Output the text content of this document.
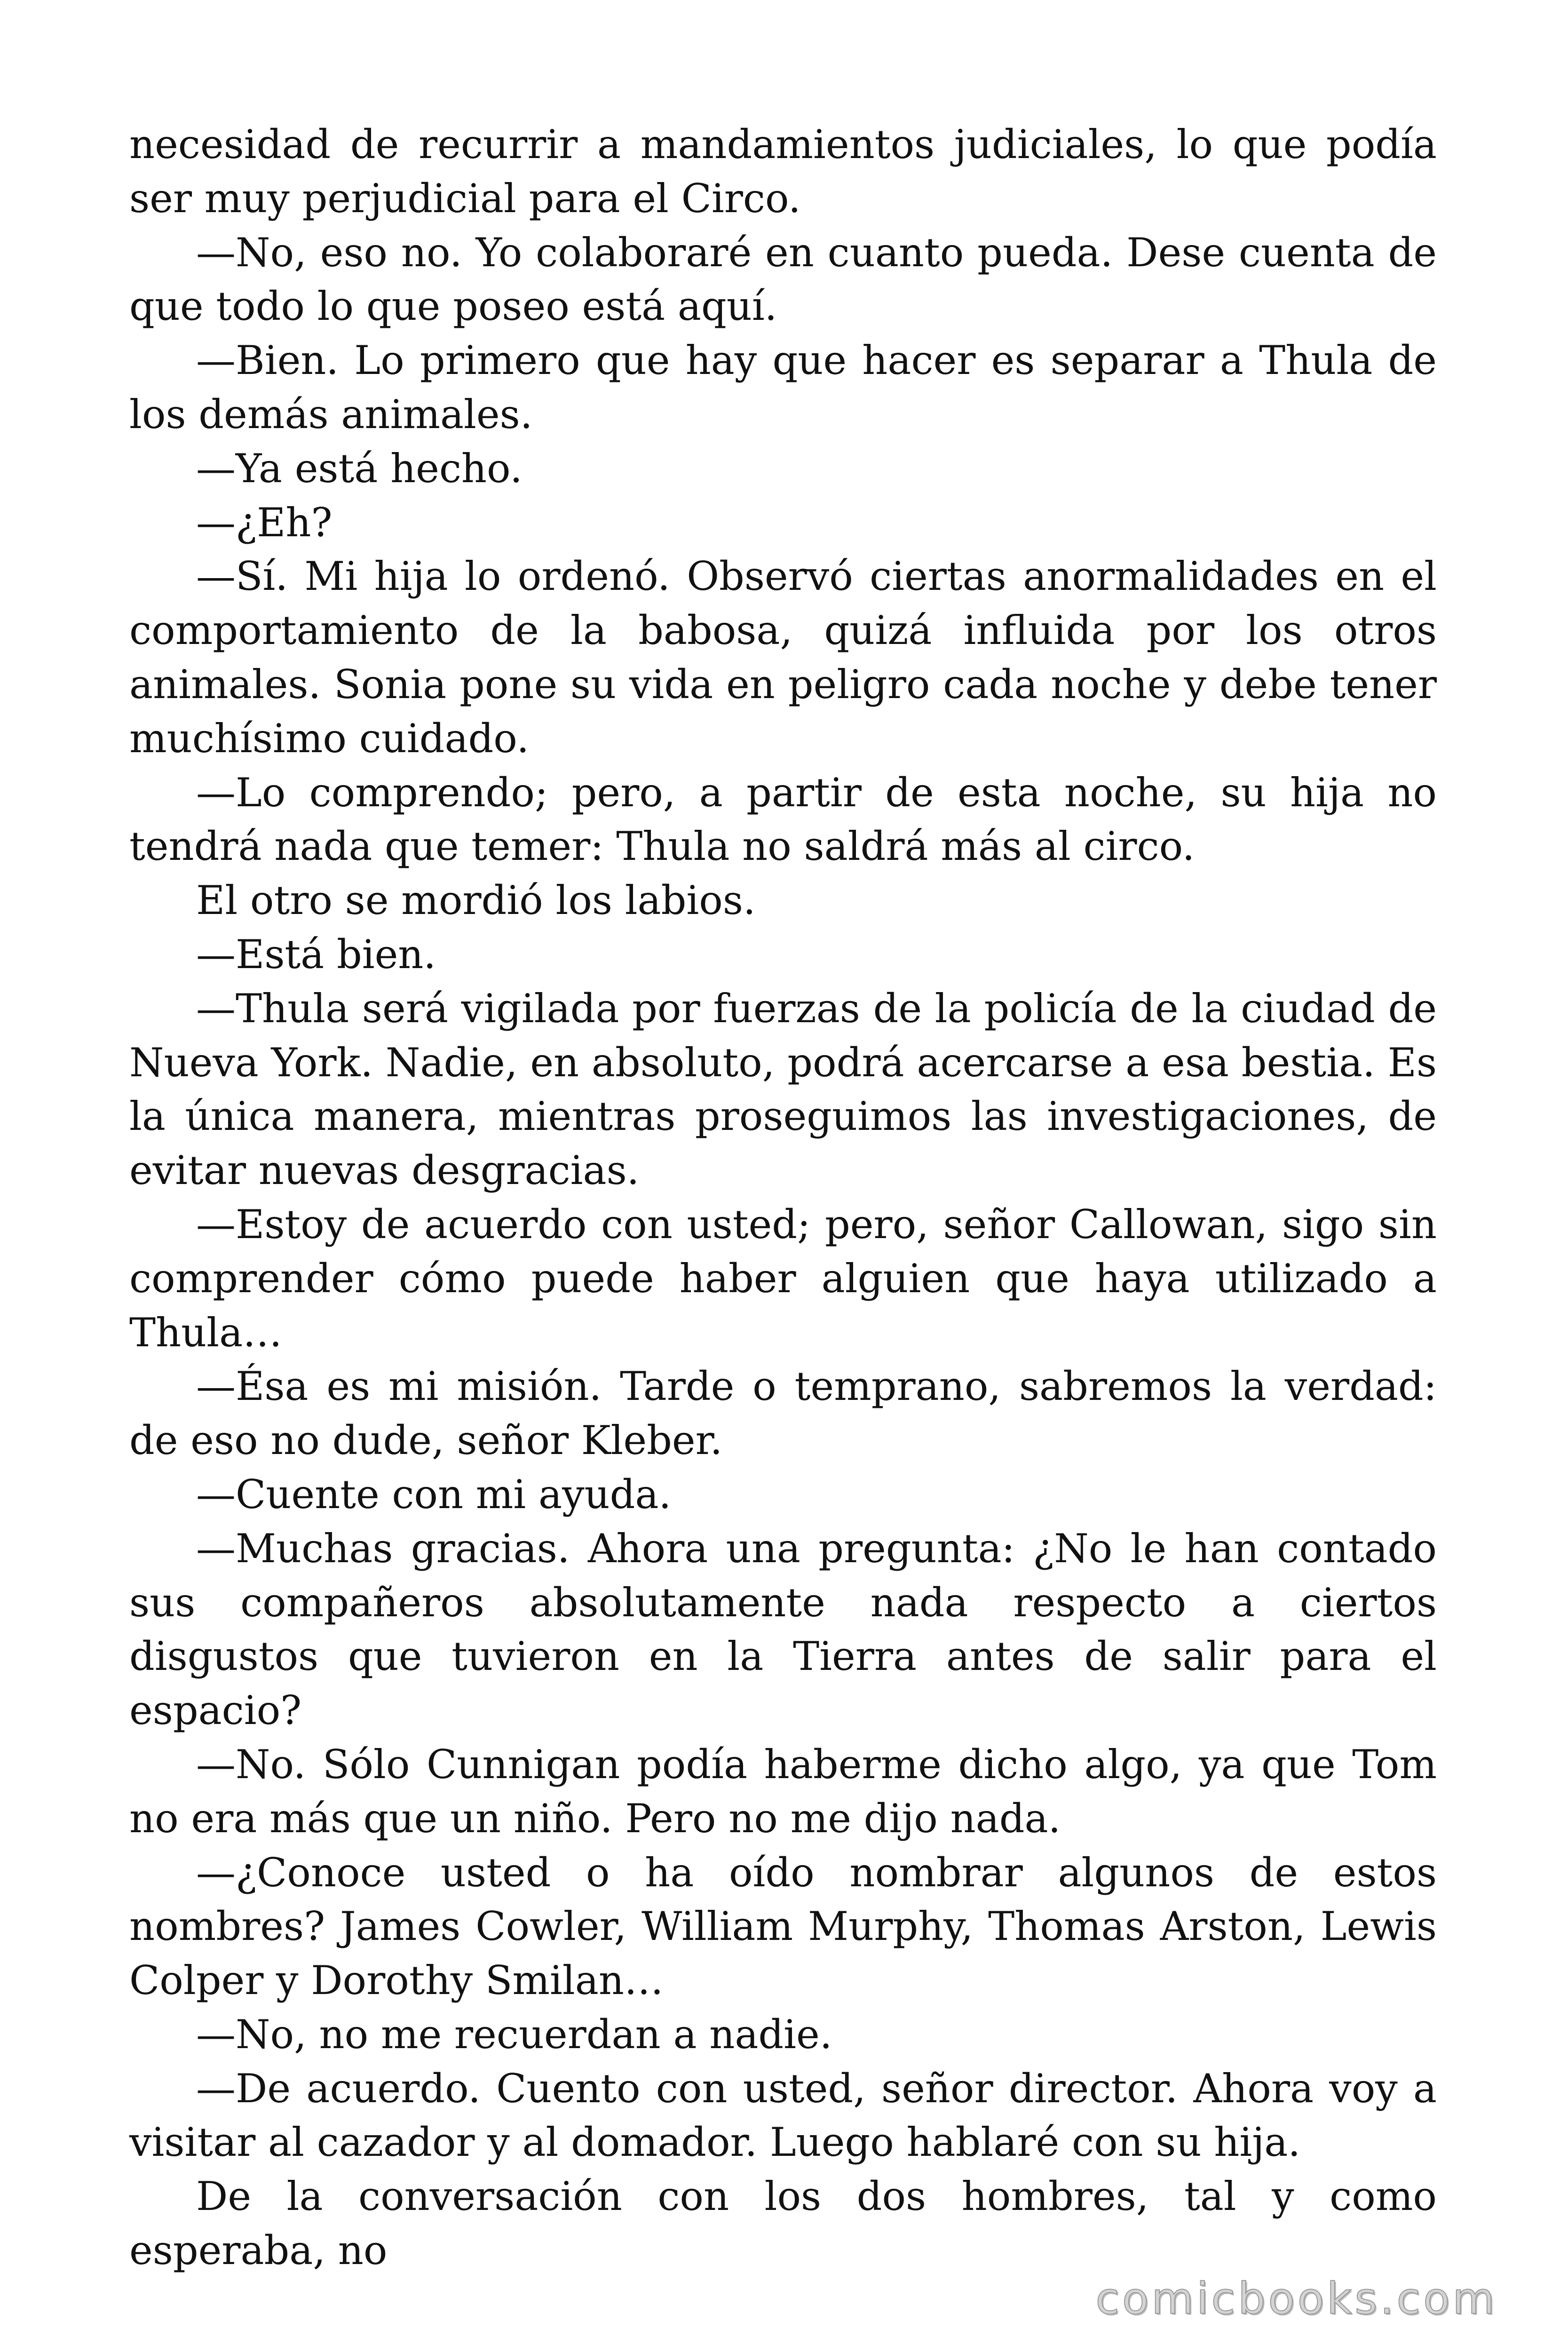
necesidad de recurrir a mandamientos judiciales, lo que podía ser muy perjudicial para el Circo.

—No, eso no. Yo colaboraré en cuanto pueda. Dese cuenta de que todo lo que poseo está aquí.

—Bien. Lo primero que hay que hacer es separar a Thula de los demás animales.

—Ya está hecho.

—¿Eh?

—Sí. Mi hija lo ordenó. Observó ciertas anormalidades en el comportamiento de la babosa, quizá influida por los otros animales. Sonia pone su vida en peligro cada noche y debe tener muchísimo cuidado.

—Lo comprendo; pero, a partir de esta noche, su hija no tendrá nada que temer: Thula no saldrá más al circo.

El otro se mordió los labios.

—Está bien.

—Thula será vigilada por fuerzas de la policía de la ciudad de Nueva York. Nadie, en absoluto, podrá acercarse a esa bestia. Es la única manera, mientras proseguimos las investigaciones, de evitar nuevas desgracias.

—Estoy de acuerdo con usted; pero, señor Callowan, sigo sin comprender cómo puede haber alguien que haya utilizado a Thula…

—Ésa es mi misión. Tarde o temprano, sabremos la verdad: de eso no dude, señor Kleber.

—Cuente con mi ayuda.

—Muchas gracias. Ahora una pregunta: ¿No le han contado sus compañeros absolutamente nada respecto a ciertos disgustos que tuvieron en la Tierra antes de salir para el espacio?

—No. Sólo Cunnigan podía haberme dicho algo, ya que Tom no era más que un niño. Pero no me dijo nada.

—¿Conoce usted o ha oído nombrar algunos de estos nombres? James Cowler, William Murphy, Thomas Arston, Lewis Colper y Dorothy Smilan…

—No, no me recuerdan a nadie.

—De acuerdo. Cuento con usted, señor director. Ahora voy a visitar al cazador y al domador. Luego hablaré con su hija.

De la conversación con los dos hombres, tal y como esperaba, no

comicbooks.com
